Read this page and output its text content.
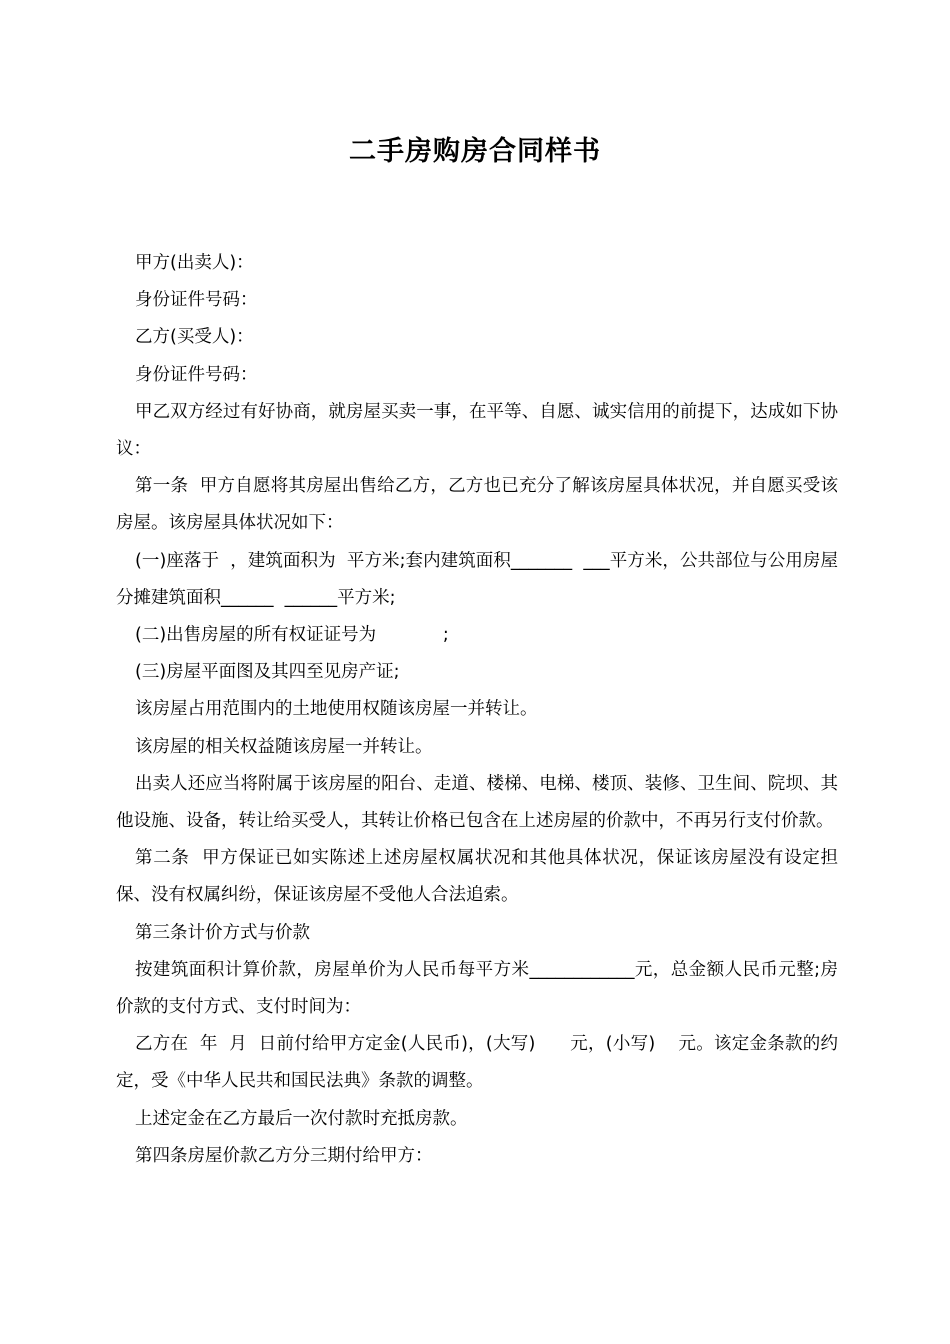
二手房购房合同样书

甲方(出卖人)：

身份证件号码：

乙方(买受人)：

身份证件号码：

甲乙双方经过有好协商，就房屋买卖一事，在平等、自愿、诚实信用的前提下，达成如下协议：

第一条  甲方自愿将其房屋出售给乙方，乙方也已充分了解该房屋具体状况，并自愿买受该房屋。该房屋具体状况如下：

(一)座落于  ，建筑面积为  平方米;套内建筑面积_______  ___平方米，公共部位与公用房屋分摊建筑面积______  ______平方米;

(二)出售房屋的所有权证证号为            ;

(三)房屋平面图及其四至见房产证;

该房屋占用范围内的土地使用权随该房屋一并转让。

该房屋的相关权益随该房屋一并转让。

出卖人还应当将附属于该房屋的阳台、走道、楼梯、电梯、楼顶、装修、卫生间、院坝、其他设施、设备，转让给买受人，其转让价格已包含在上述房屋的价款中，不再另行支付价款。

第二条  甲方保证已如实陈述上述房屋权属状况和其他具体状况，保证该房屋没有设定担保、没有权属纠纷，保证该房屋不受他人合法追索。

第三条计价方式与价款

按建筑面积计算价款，房屋单价为人民币每平方米____________元，总金额人民币元整;房价款的支付方式、支付时间为：

乙方在  年  月  日前付给甲方定金(人民币)，(大写)      元，(小写)    元。该定金条款的约定，受《中华人民共和国民法典》条款的调整。

上述定金在乙方最后一次付款时充抵房款。

第四条房屋价款乙方分三期付给甲方：
